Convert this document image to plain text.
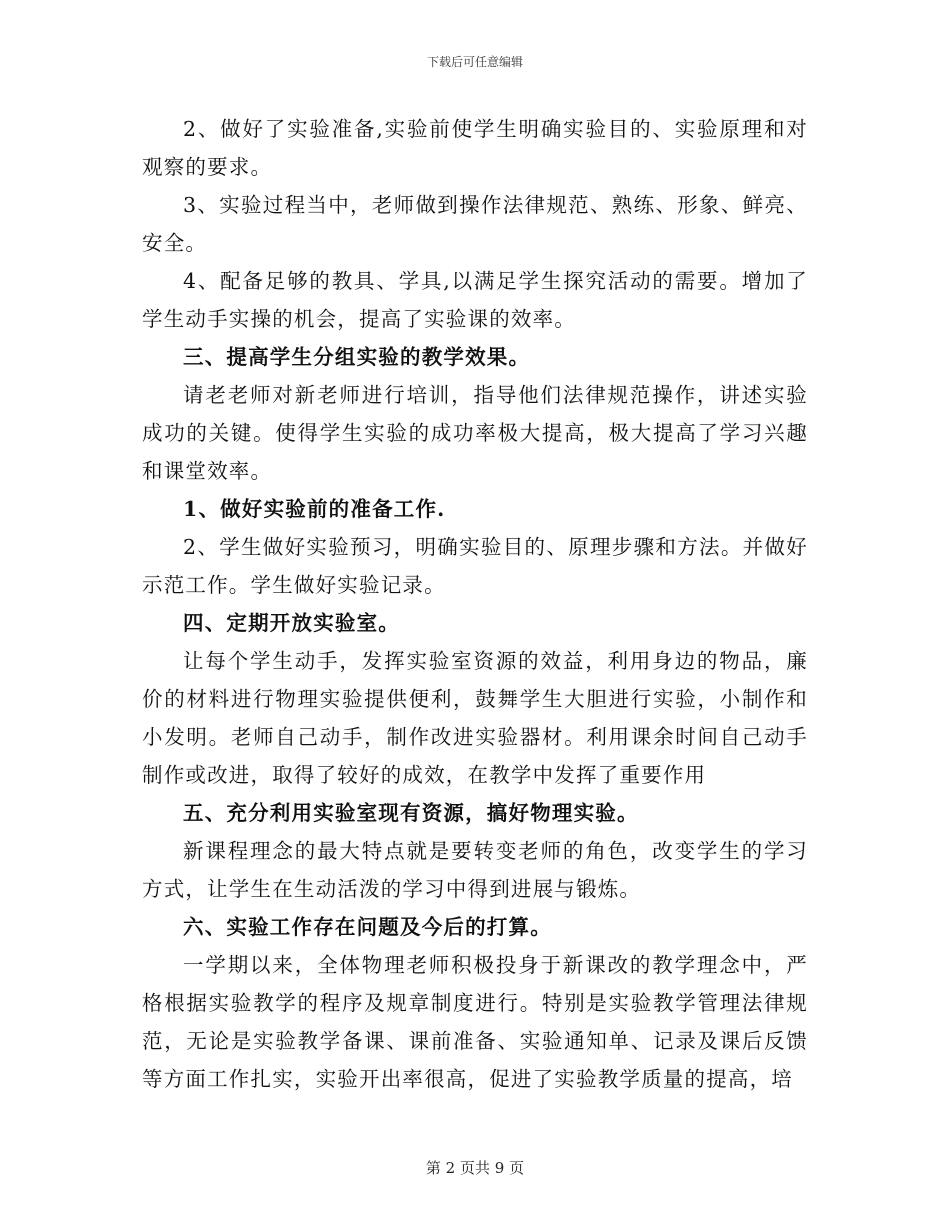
下载后可任意编辑

2、做好了实验准备,实验前使学生明确实验目的、实验原理和对观察的要求。

3、实验过程当中，老师做到操作法律规范、熟练、形象、鲜亮、安全。

4、配备足够的教具、学具,以满足学生探究活动的需要。增加了学生动手实操的机会，提高了实验课的效率。

三、提高学生分组实验的教学效果。

请老老师对新老师进行培训，指导他们法律规范操作，讲述实验成功的关键。使得学生实验的成功率极大提高，极大提高了学习兴趣和课堂效率。

1、做好实验前的准备工作.

2、学生做好实验预习，明确实验目的、原理步骤和方法。并做好示范工作。学生做好实验记录。

四、定期开放实验室。

让每个学生动手，发挥实验室资源的效益，利用身边的物品，廉价的材料进行物理实验提供便利，鼓舞学生大胆进行实验，小制作和小发明。老师自己动手，制作改进实验器材。利用课余时间自己动手制作或改进，取得了较好的成效，在教学中发挥了重要作用

五、充分利用实验室现有资源，搞好物理实验。

新课程理念的最大特点就是要转变老师的角色，改变学生的学习方式，让学生在生动活泼的学习中得到进展与锻炼。

六、实验工作存在问题及今后的打算。

一学期以来，全体物理老师积极投身于新课改的教学理念中，严格根据实验教学的程序及规章制度进行。特别是实验教学管理法律规范，无论是实验教学备课、课前准备、实验通知单、记录及课后反馈等方面工作扎实，实验开出率很高，促进了实验教学质量的提高，培

第 2 页共 9 页
